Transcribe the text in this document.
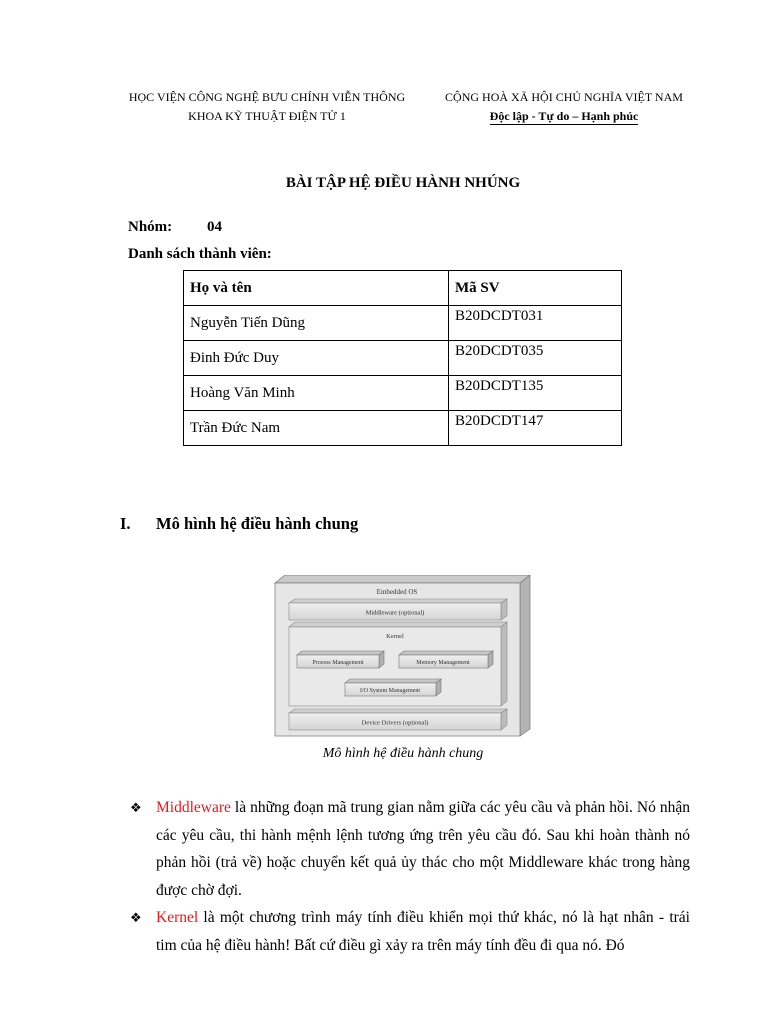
HỌC VIỆN CÔNG NGHỆ BƯU CHÍNH VIỄN THÔNG
KHOA KỸ THUẬT ĐIỆN TỬ 1
CỘNG HOÀ XÃ HỘI CHỦ NGHĨA VIỆT NAM
Độc lập - Tự do – Hạnh phúc
BÀI TẬP HỆ ĐIỀU HÀNH NHÚNG
Nhóm: 04
Danh sách thành viên:
Họ và tên	Mã SV
Nguyễn Tiến Dũng	B20DCDT031
Đinh Đức Duy	B20DCDT035
Hoàng Văn Minh	B20DCDT135
Trần Đức Nam	B20DCDT147
I. Mô hình hệ điều hành chung
Embedded OS
Middleware (optional)
Kernel
Process Management	Memory Management
I/O System Management
Device Drivers (optional)
Mô hình hệ điều hành chung
❖ Middleware là những đoạn mã trung gian nằm giữa các yêu cầu và phản hồi. Nó nhận các yêu cầu, thi hành mệnh lệnh tương ứng trên yêu cầu đó. Sau khi hoàn thành nó phản hồi (trả về) hoặc chuyển kết quả ủy thác cho một Middleware khác trong hàng được chờ đợi.
❖ Kernel là một chương trình máy tính điều khiển mọi thứ khác, nó là hạt nhân - trái tim của hệ điều hành! Bất cứ điều gì xảy ra trên máy tính đều đi qua nó. Đó
